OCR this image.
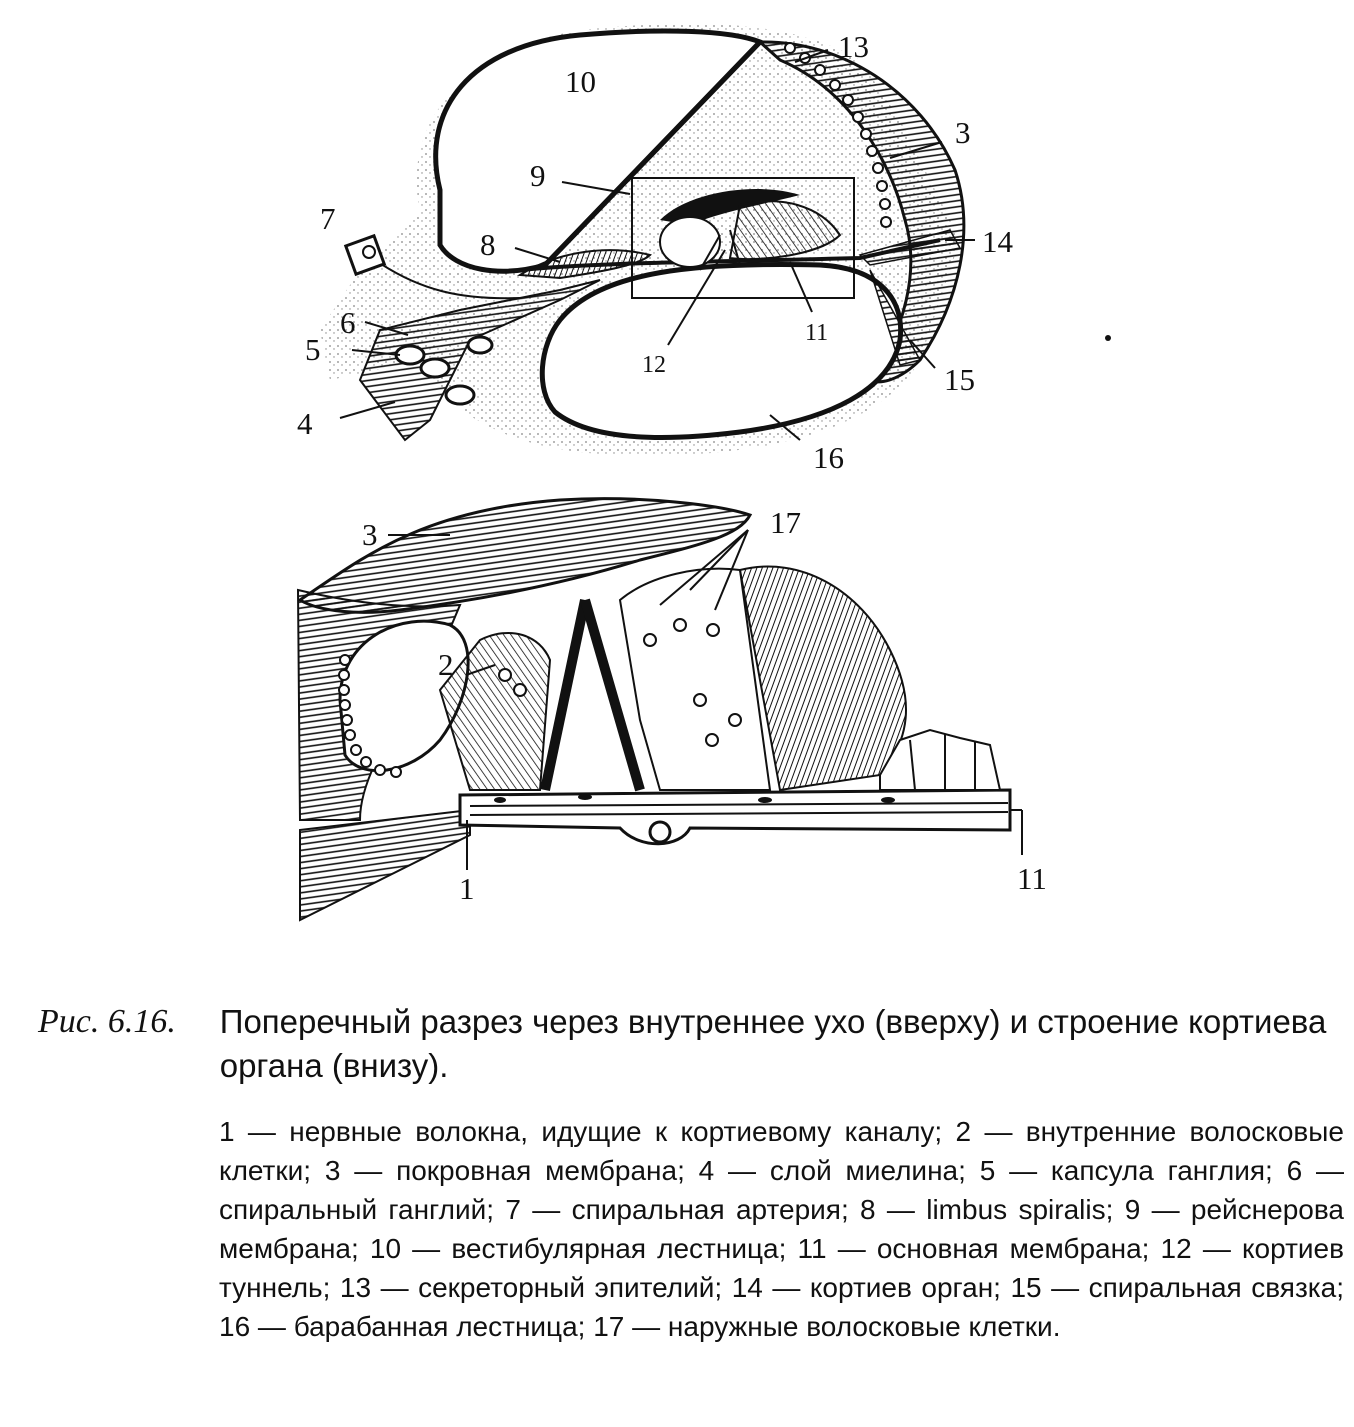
10
13
3
9
14
7
8
6
5
4
11
12	15
16
3	17
2
1	11
Рис. 6.16.	Поперечный разрез через внутреннее ухо (вверху) и строение кортиева органа (внизу).
1 — нервные волокна, идущие к кортиевому каналу; 2 — внутренние волосковые клетки; 3 — покровная мембрана; 4 — слой миелина; 5 — капсула ганглия; 6 — спиральный ганглий; 7 — спиральная артерия; 8 — limbus spiralis; 9 — рейснерова мембрана; 10 — вестибулярная лестница; 11 — основная мембрана; 12 — кортиев туннель; 13 — секреторный эпителий; 14 — кортиев орган; 15 — спиральная связка; 16 — барабанная лестница; 17 — наружные волосковые клетки.
